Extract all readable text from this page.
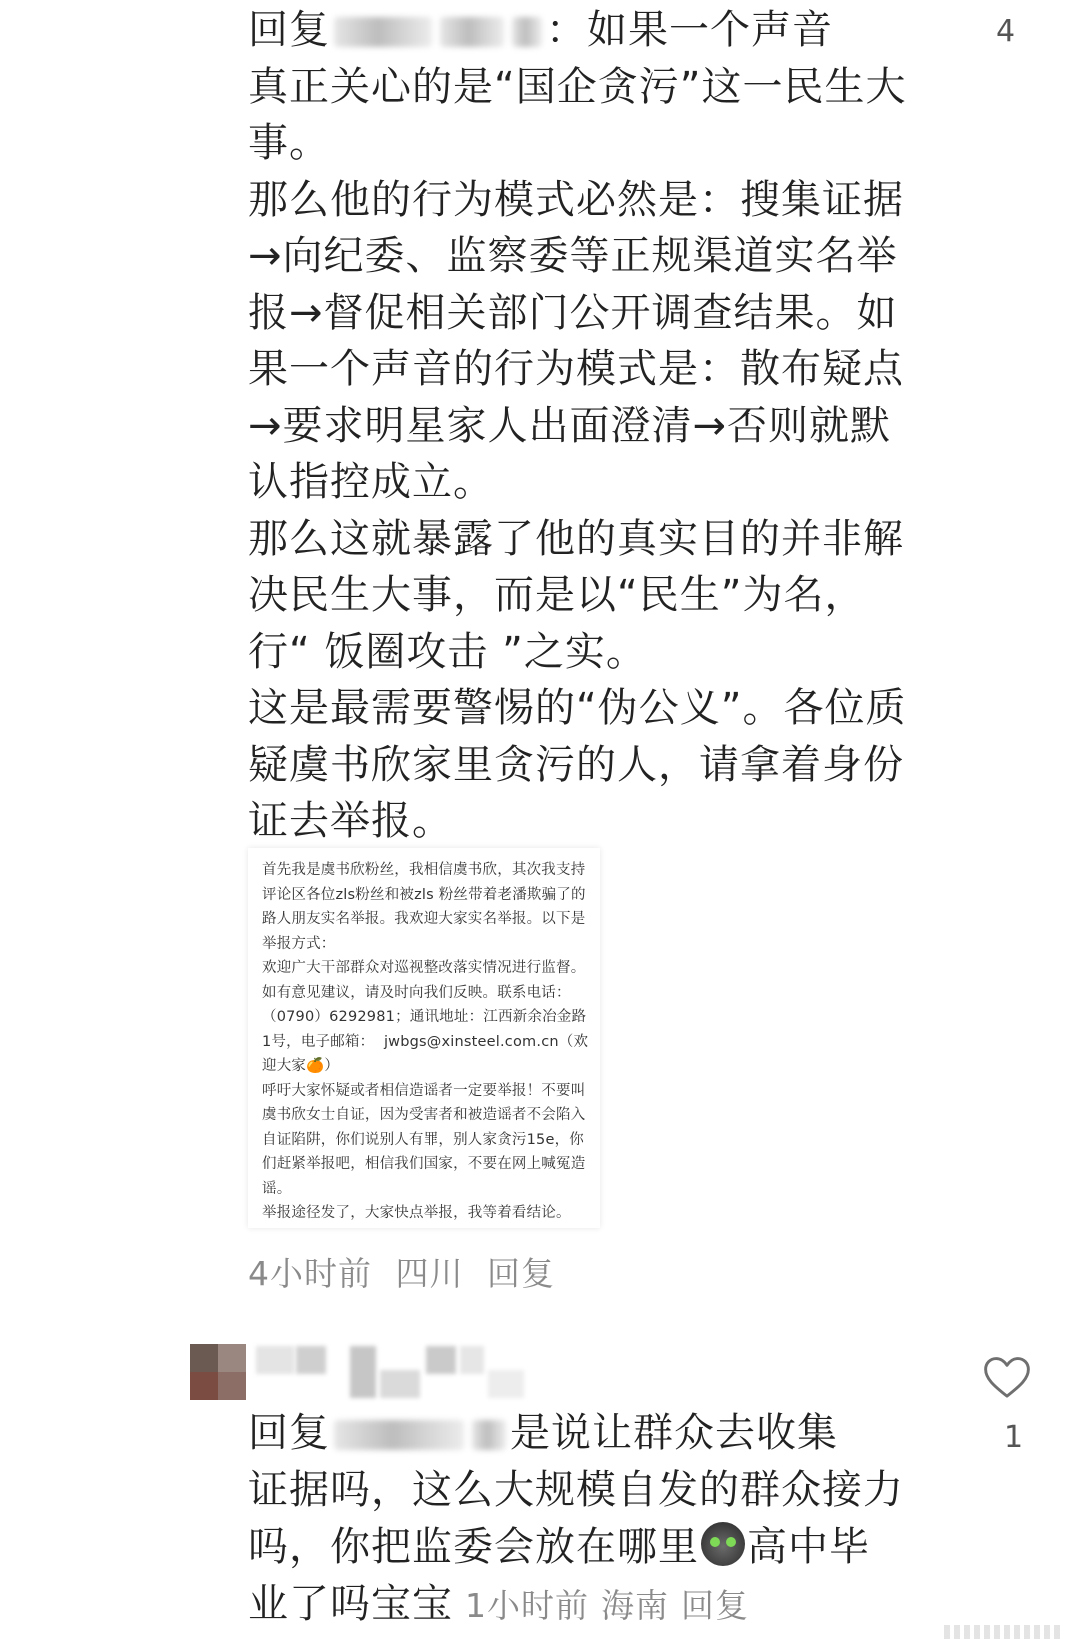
回复	：如果一个声音

真正关心的是“国企贪污”这一民生大事。

那么他的行为模式必然是：搜集证据→向纪委、监察委等正规渠道实名举报→督促相关部门公开调查结果。如果一个声音的行为模式是：散布疑点→要求明星家人出面澄清→否则就默认指控成立。

那么这就暴露了他的真实目的并非解决民生大事，而是以“民生”为名，行“ 饭圈攻击 ”之实。

这是最需要警惕的“伪公义”。各位质疑虞书欣家里贪污的人，请拿着身份证去举报。

4

首先我是虞书欣粉丝，我相信虞书欣，其次我支持评论区各位zls粉丝和被zls 粉丝带着老潘欺骗了的路人朋友实名举报。我欢迎大家实名举报。以下是举报方式：

欢迎广大干部群众对巡视整改落实情况进行监督。如有意见建议，请及时向我们反映。联系电话：（0790）6292981；通讯地址：江西新余冶金路1号，电子邮箱：  jwbgs@xinsteel.com.cn（欢迎大家🍊）

呼吁大家怀疑或者相信造谣者一定要举报！不要叫虞书欣女士自证，因为受害者和被造谣者不会陷入自证陷阱，你们说别人有罪，别人家贪污15e，你们赶紧举报吧，相信我们国家，不要在网上喊冤造谣。

举报途径发了，大家快点举报，我等着看结论。

4小时前 四川 回复
1

回复	是说让群众去收集

证据吗，这么大规模自发的群众接力

吗，你把监委会放在哪里 高中毕

业了吗宝宝 1小时前 海南 回复
